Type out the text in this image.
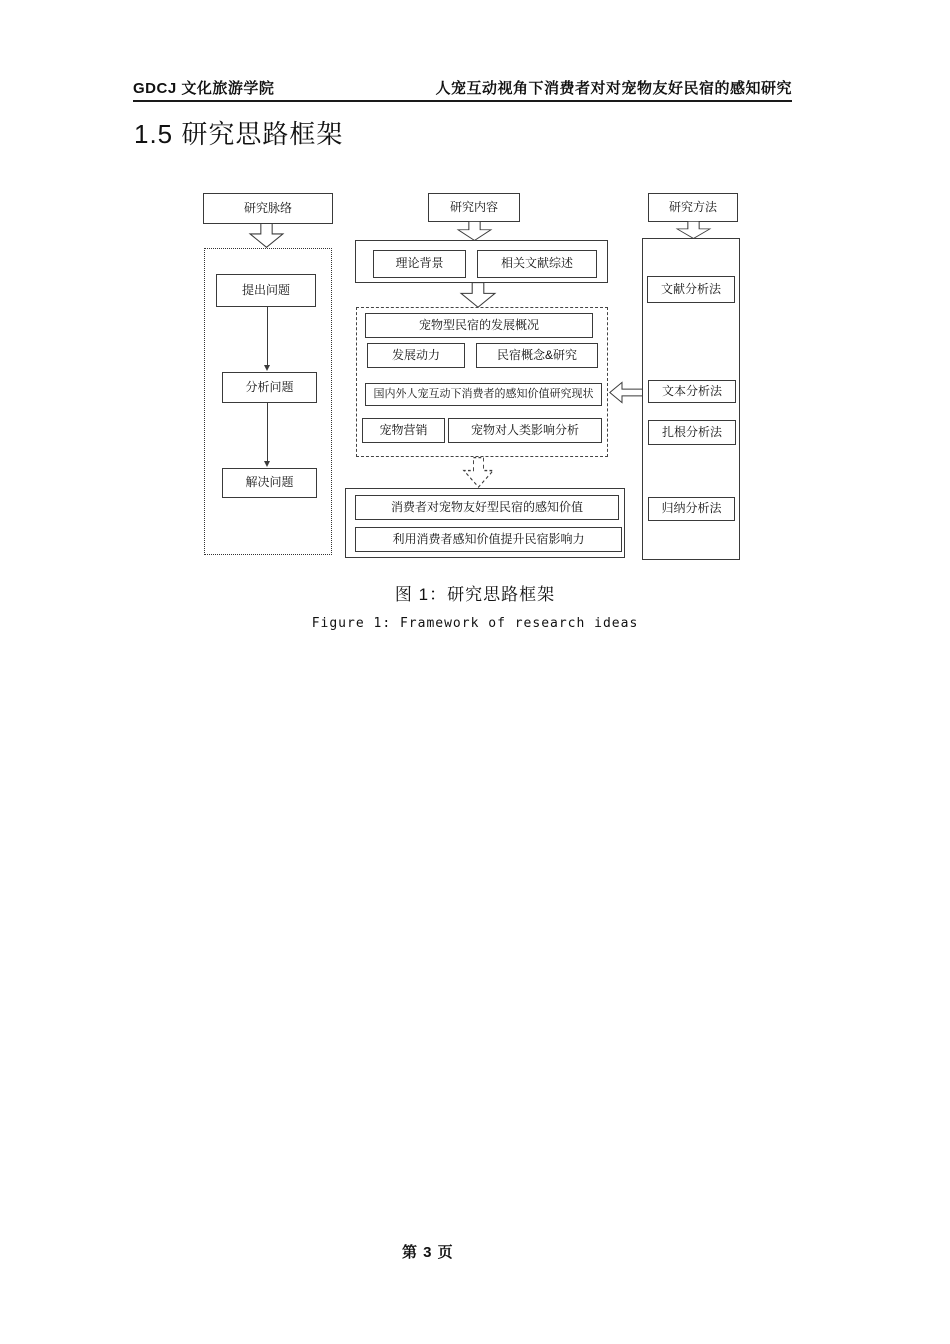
GDCJ 文化旅游学院	人宠互动视角下消费者对对宠物友好民宿的感知研究
1.5 研究思路框架
研究脉络	研究内容	研究方法
提出问题
分析问题
解决问题
理论背景	相关文献综述
宠物型民宿的发展概况
发展动力	民宿概念&研究
国内外人宠互动下消费者的感知价值研究现状
宠物营销	宠物对人类影响分析
消费者对宠物友好型民宿的感知价值
利用消费者感知价值提升民宿影响力
文献分析法
文本分析法
扎根分析法
归纳分析法
图 1：研究思路框架
Figure 1: Framework of research ideas
第 3 页
